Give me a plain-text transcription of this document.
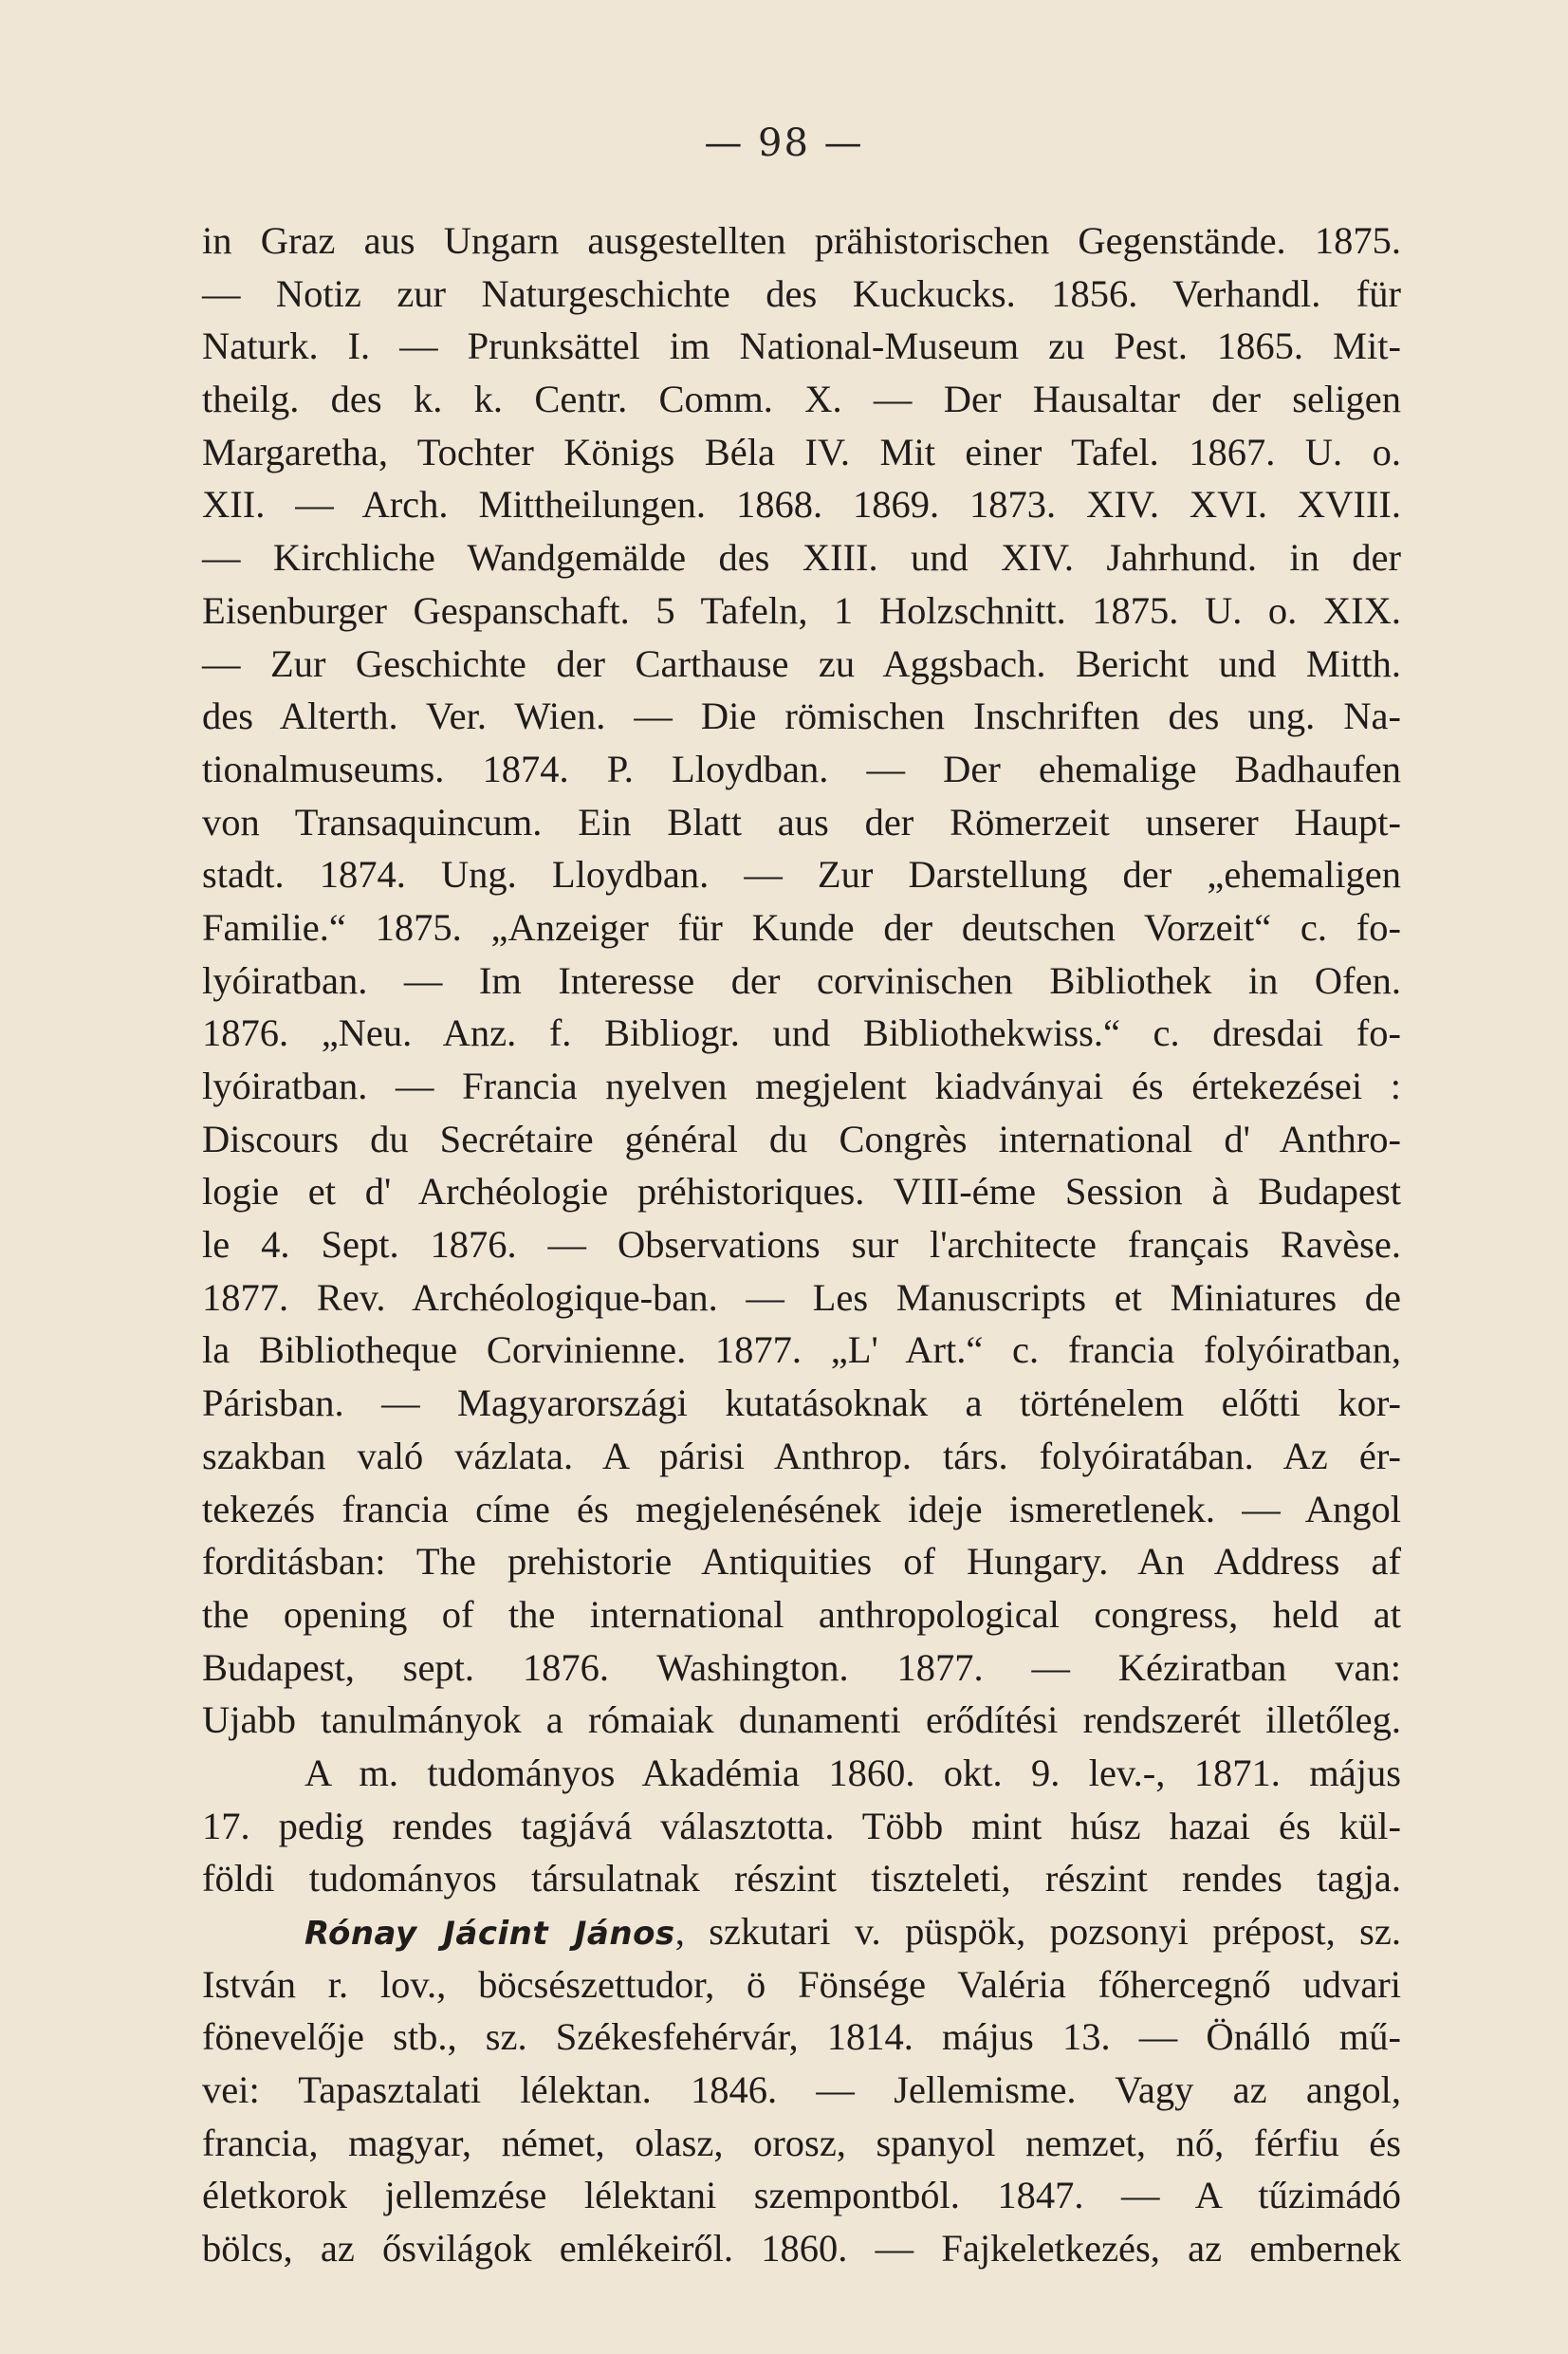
— 98 —
in Graz aus Ungarn ausgestellten prähistorischen Gegenstände. 1875.
— Notiz zur Naturgeschichte des Kuckucks. 1856. Verhandl. für
Naturk. I. — Prunksättel im National-Museum zu Pest. 1865. Mit-
theilg. des k. k. Centr. Comm. X. — Der Hausaltar der seligen
Margaretha, Tochter Königs Béla IV. Mit einer Tafel. 1867. U. o.
XII. — Arch. Mittheilungen. 1868. 1869. 1873. XIV. XVI. XVIII.
— Kirchliche Wandgemälde des XIII. und XIV. Jahrhund. in der
Eisenburger Gespanschaft. 5 Tafeln, 1 Holzschnitt. 1875. U. o. XIX.
— Zur Geschichte der Carthause zu Aggsbach. Bericht und Mitth.
des Alterth. Ver. Wien. — Die römischen Inschriften des ung. Na-
tionalmuseums. 1874. P. Lloydban. — Der ehemalige Badhaufen
von Transaquincum. Ein Blatt aus der Römerzeit unserer Haupt-
stadt. 1874. Ung. Lloydban. — Zur Darstellung der „ehemaligen
Familie.“ 1875. „Anzeiger für Kunde der deutschen Vorzeit“ c. fo-
lyóiratban. — Im Interesse der corvinischen Bibliothek in Ofen.
1876. „Neu. Anz. f. Bibliogr. und Bibliothekwiss.“ c. dresdai fo-
lyóiratban. — Francia nyelven megjelent kiadványai és értekezései :
Discours du Secrétaire général du Congrès international d' Anthro-
logie et d' Archéologie préhistoriques. VIII-éme Session à Budapest
le 4. Sept. 1876. — Observations sur l'architecte français Ravèse.
1877. Rev. Archéologique-ban. — Les Manuscripts et Miniatures de
la Bibliotheque Corvinienne. 1877. „L' Art.“ c. francia folyóiratban,
Párisban. — Magyarországi kutatásoknak a történelem előtti kor-
szakban való vázlata. A párisi Anthrop. társ. folyóiratában. Az ér-
tekezés francia címe és megjelenésének ideje ismeretlenek. — Angol
forditásban: The prehistorie Antiquities of Hungary. An Address af
the opening of the international anthropological congress, held at
Budapest, sept. 1876. Washington. 1877. — Kéziratban van:
Ujabb tanulmányok a rómaiak dunamenti erődítési rendszerét illetőleg.
A m. tudományos Akadémia 1860. okt. 9. lev.-, 1871. május
17. pedig rendes tagjává választotta. Több mint húsz hazai és kül-
földi tudományos társulatnak részint tiszteleti, részint rendes tagja.
Rónay Jácint János, szkutari v. püspök, pozsonyi prépost, sz.
István r. lov., böcsészettudor, ö Fönsége Valéria főhercegnő udvari
fönevelője stb., sz. Székesfehérvár, 1814. május 13. — Önálló mű-
vei: Tapasztalati lélektan. 1846. — Jellemisme. Vagy az angol,
francia, magyar, német, olasz, orosz, spanyol nemzet, nő, férfiu és
életkorok jellemzése lélektani szempontból. 1847. — A tűzimádó
bölcs, az ősvilágok emlékeiről. 1860. — Fajkeletkezés, az embernek
